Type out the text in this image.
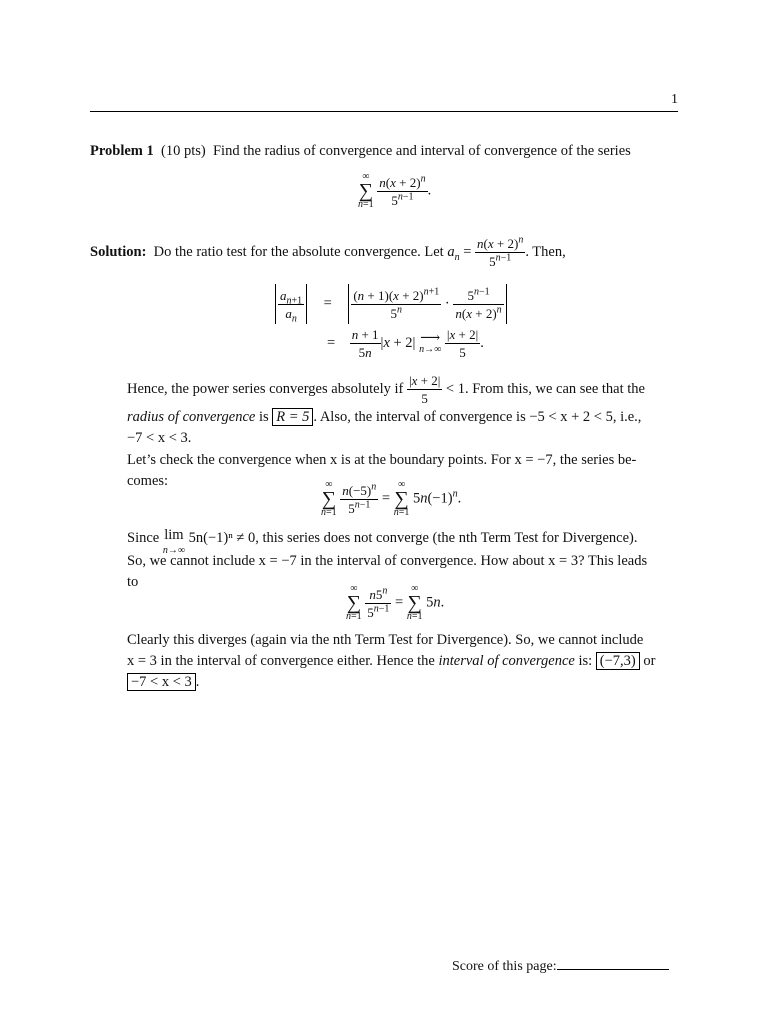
1
Problem 1 (10 pts) Find the radius of convergence and interval of convergence of the series
∞
∑
n=1
$\frac{n(x + 2)^n}{5^{n-1}}$ .
Solution: Do the ratio test for the absolute convergence. Let $a_n = \frac{n(x + 2)^n}{5^{n-1}}$ . Then,
$\frac{a_{n+1}}{a_n} = \frac{(n + 1)(x + 2)^{n+1}}{5^n} \cdot \frac{5^{n-1}}{n(x + 2)^n}$
= $\frac{n + 1}{5n} |x + 2|$ ⟶
$n\to\infty \frac{|x + 2|}{5}$ .
Hence, the power series converges absolutely if $\frac{|x + 2|}{5} < 1$. From this, we can see that the
radius of convergence is R = 5 . Also, the interval of convergence is −5 < x + 2 < 5, i.e.,
−7 < x < 3.
Let’s check the convergence when x is at the boundary points. For x = −7, the series be-
comes:	∞
∑
n=1
$\frac{n(-5)^n}{5^{n-1}}$ =
∞
∑
n=1
$5n(-1)^n$.
Since lim
n→∞ 5n(−1)ⁿ ≠ 0, this series does not converge (the nth Term Test for Divergence).
So, we cannot include x = −7 in the interval of convergence. How about x = 3? This leads
to	∞
∑
n=1
$\frac{n5^n}{5^{n-1}}$ =
∞
∑
n=1
5n.
Clearly this diverges (again via the nth Term Test for Divergence). So, we cannot include
x = 3 in the interval of convergence either. Hence the interval of convergence is: (−7,3) or
−7 < x < 3 .
Score of this page:
